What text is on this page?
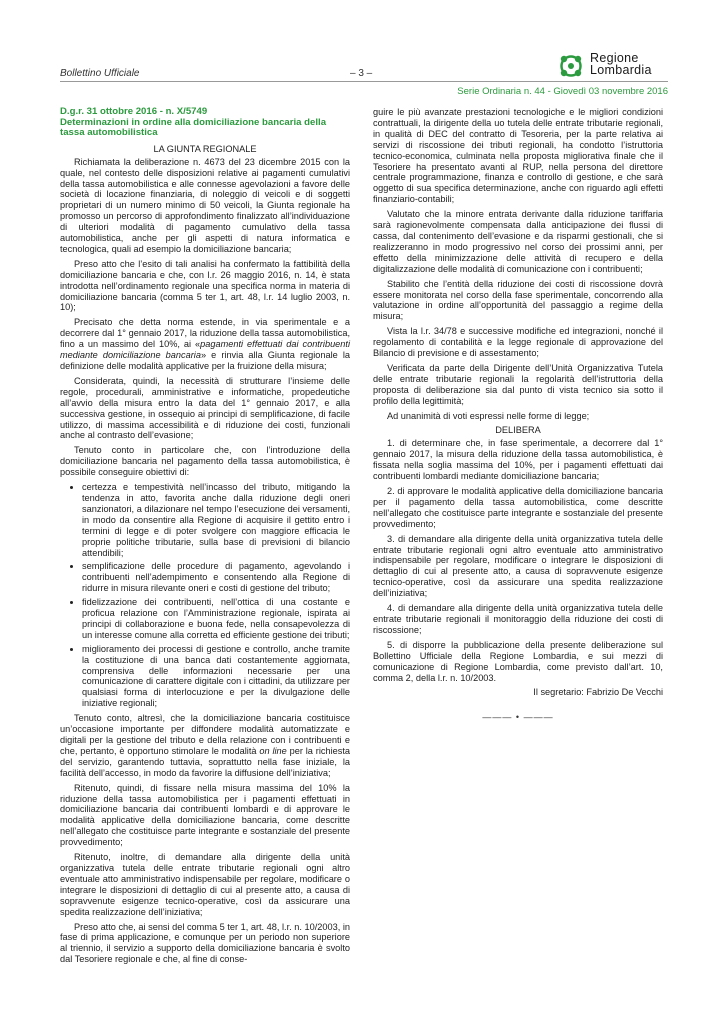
Bollettino Ufficiale	– 3 –
Regione
Lombardia
Serie Ordinaria n. 44 - Giovedì 03 novembre 2016
D.g.r. 31 ottobre 2016 - n. X/5749
Determinazioni in ordine alla domiciliazione bancaria della tassa automobilistica

LA GIUNTA REGIONALE

Richiamata la deliberazione n. 4673 del 23 dicembre 2015 con la quale, nel contesto delle disposizioni relative ai pagamenti cumulativi della tassa automobilistica e alle connesse agevolazioni a favore delle società di locazione finanziaria, di noleggio di veicoli e di soggetti proprietari di un numero minimo di 50 veicoli, la Giunta regionale ha promosso un percorso di approfondimento finalizzato all’individuazione di ulteriori modalità di pagamento cumulativo della tassa automobilistica, anche per gli aspetti di natura informatica e tecnologica, quali ad esempio la domiciliazione bancaria;

Preso atto che l’esito di tali analisi ha confermato la fattibilità della domiciliazione bancaria e che, con l.r. 26 maggio 2016, n. 14, è stata introdotta nell’ordinamento regionale una specifica norma in materia di domiciliazione bancaria (comma 5 ter 1, art. 48, l.r. 14 luglio 2003, n. 10);

Precisato che detta norma estende, in via sperimentale e a decorrere dal 1° gennaio 2017, la riduzione della tassa automobilistica, fino a un massimo del 10%, ai «pagamenti effettuati dai contribuenti mediante domiciliazione bancaria» e rinvia alla Giunta regionale la definizione delle modalità applicative per la fruizione della misura;

Considerata, quindi, la necessità di strutturare l’insieme delle regole, procedurali, amministrative e informatiche, propedeutiche all’avvio della misura entro la data del 1° gennaio 2017, e alla successiva gestione, in ossequio ai principi di semplificazione, di facile utilizzo, di massima accessibilità e di riduzione dei costi, funzionali anche al contrasto dell’evasione;

Tenuto conto in particolare che, con l’introduzione della domiciliazione bancaria nel pagamento della tassa automobilistica, è possibile conseguire obiettivi di:

• certezza e tempestività nell’incasso del tributo, mitigando la tendenza in atto, favorita anche dalla riduzione degli oneri sanzionatori, a dilazionare nel tempo l’esecuzione dei versamenti, in modo da consentire alla Regione di acquisire il gettito entro i termini di legge e di poter svolgere con maggiore efficacia le proprie politiche tributarie, sulla base di previsioni di bilancio attendibili;
• semplificazione delle procedure di pagamento, agevolando i contribuenti nell’adempimento e consentendo alla Regione di ridurre in misura rilevante oneri e costi di gestione del tributo;
• fidelizzazione dei contribuenti, nell’ottica di una costante e proficua relazione con l’Amministrazione regionale, ispirata ai principi di collaborazione e buona fede, nella consapevolezza di un interesse comune alla corretta ed efficiente gestione dei tributi;
• miglioramento dei processi di gestione e controllo, anche tramite la costituzione di una banca dati costantemente aggiornata, comprensiva delle informazioni necessarie per una comunicazione di carattere digitale con i cittadini, da utilizzare per qualsiasi forma di interlocuzione e per la divulgazione delle iniziative regionali;

Tenuto conto, altresì, che la domiciliazione bancaria costituisce un’occasione importante per diffondere modalità automatizzate e digitali per la gestione del tributo e della relazione con i contribuenti e che, pertanto, è opportuno stimolare le modalità on line per la richiesta del servizio, garantendo tuttavia, soprattutto nella fase iniziale, la facilità dell’accesso, in modo da favorire la diffusione dell’iniziativa;

Ritenuto, quindi, di fissare nella misura massima del 10% la riduzione della tassa automobilistica per i pagamenti effettuati in domiciliazione bancaria dai contribuenti lombardi e di approvare le modalità applicative della domiciliazione bancaria, come descritte nell’allegato che costituisce parte integrante e sostanziale del presente provvedimento;

Ritenuto, inoltre, di demandare alla dirigente della unità organizzativa tutela delle entrate tributarie regionali ogni altro eventuale atto amministrativo indispensabile per regolare, modificare o integrare le disposizioni di dettaglio di cui al presente atto, a causa di sopravvenute esigenze tecnico-operative, così da assicurare una spedita realizzazione dell’iniziativa;

Preso atto che, ai sensi del comma 5 ter 1, art. 48, l.r. n. 10/2003, in fase di prima applicazione, e comunque per un periodo non superiore al triennio, il servizio a supporto della domiciliazione bancaria è svolto dal Tesoriere regionale e che, al fine di conse-

guire le più avanzate prestazioni tecnologiche e le migliori condizioni contrattuali, la dirigente della uo tutela delle entrate tributarie regionali, in qualità di DEC del contratto di Tesoreria, per la parte relativa ai servizi di riscossione dei tributi regionali, ha condotto l’istruttoria tecnico-economica, culminata nella proposta migliorativa finale che il Tesoriere ha presentato avanti al RUP, nella persona del direttore centrale programmazione, finanza e controllo di gestione, e che sarà oggetto di sua specifica determinazione, anche con riguardo agli effetti finanziario-contabili;

Valutato che la minore entrata derivante dalla riduzione tariffaria sarà ragionevolmente compensata dalla anticipazione dei flussi di cassa, dal contenimento dell’evasione e da risparmi gestionali, che si realizzeranno in modo progressivo nel corso dei prossimi anni, per effetto della minimizzazione delle attività di recupero e della digitalizzazione delle modalità di comunicazione con i contribuenti;

Stabilito che l’entità della riduzione dei costi di riscossione dovrà essere monitorata nel corso della fase sperimentale, concorrendo alla valutazione in ordine all’opportunità del passaggio a regime della misura;

Vista la l.r. 34/78 e successive modifiche ed integrazioni, nonché il regolamento di contabilità e la legge regionale di approvazione del Bilancio di previsione e di assestamento;

Verificata da parte della Dirigente dell’Unità Organizzativa Tutela delle entrate tributarie regionali la regolarità dell’istruttoria della proposta di deliberazione sia dal punto di vista tecnico sia sotto il profilo della legittimità;

Ad unanimità di voti espressi nelle forme di legge;

DELIBERA

1. di determinare che, in fase sperimentale, a decorrere dal 1° gennaio 2017, la misura della riduzione della tassa automobilistica, è fissata nella soglia massima del 10%, per i pagamenti effettuati dai contribuenti lombardi mediante domiciliazione bancaria;

2. di approvare le modalità applicative della domiciliazione bancaria per il pagamento della tassa automobilistica, come descritte nell’allegato che costituisce parte integrante e sostanziale del presente provvedimento;

3. di demandare alla dirigente della unità organizzativa tutela delle entrate tributarie regionali ogni altro eventuale atto amministrativo indispensabile per regolare, modificare o integrare le disposizioni di dettaglio di cui al presente atto, a causa di sopravvenute esigenze tecnico-operative, così da assicurare una spedita realizzazione dell’iniziativa;

4. di demandare alla dirigente della unità organizzativa tutela delle entrate tributarie regionali il monitoraggio della riduzione dei costi di riscossione;

5. di disporre la pubblicazione della presente deliberazione sul Bollettino Ufficiale della Regione Lombardia, e sui mezzi di comunicazione di Regione Lombardia, come previsto dall’art. 10, comma 2, della l.r. n. 10/2003.

Il segretario: Fabrizio De Vecchi

——— • ———
